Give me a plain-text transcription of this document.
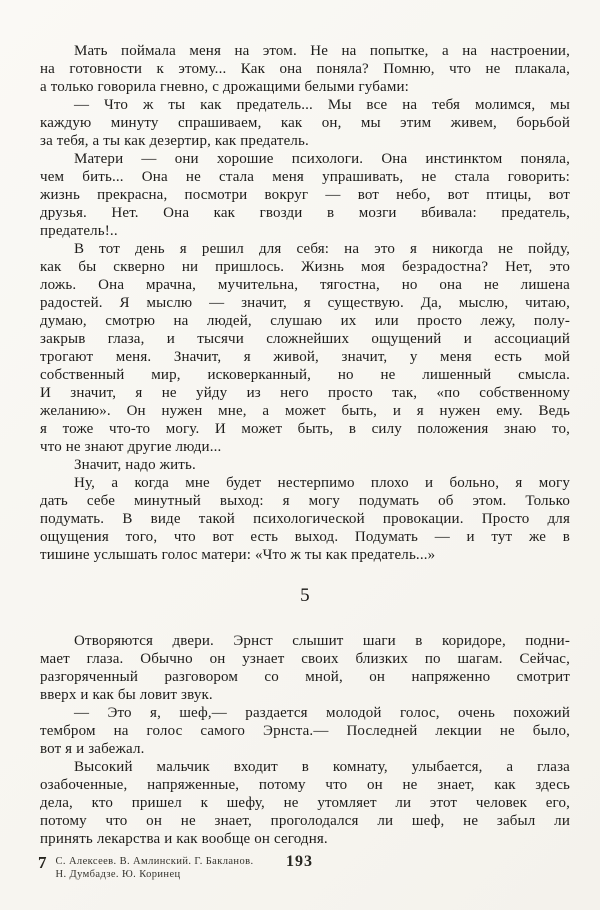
Мать поймала меня на этом. Не на попытке, а на настроении,
на готовности к этому... Как она поняла? Помню, что не плакала,
а только говорила гневно, с дрожащими белыми губами:
— Что ж ты как предатель... Мы все на тебя молимся, мы
каждую минуту спрашиваем, как он, мы этим живем, борьбой
за тебя, а ты как дезертир, как предатель.
Матери — они хорошие психологи. Она инстинктом поняла,
чем бить... Она не стала меня упрашивать, не стала говорить:
жизнь прекрасна, посмотри вокруг — вот небо, вот птицы, вот
друзья. Нет. Она как гвозди в мозги вбивала: предатель,
предатель!..
В тот день я решил для себя: на это я никогда не пойду,
как бы скверно ни пришлось. Жизнь моя безрадостна? Нет, это
ложь. Она мрачна, мучительна, тягостна, но она не лишена
радостей. Я мыслю — значит, я существую. Да, мыслю, читаю,
думаю, смотрю на людей, слушаю их или просто лежу, полу-
закрыв глаза, и тысячи сложнейших ощущений и ассоциаций
трогают меня. Значит, я живой, значит, у меня есть мой
собственный мир, исковерканный, но не лишенный смысла.
И значит, я не уйду из него просто так, «по собственному
желанию». Он нужен мне, а может быть, и я нужен ему. Ведь
я тоже что-то могу. И может быть, в силу положения знаю то,
что не знают другие люди...
Значит, надо жить.
Ну, а когда мне будет нестерпимо плохо и больно, я могу
дать себе минутный выход: я могу подумать об этом. Только
подумать. В виде такой психологической провокации. Просто для
ощущения того, что вот есть выход. Подумать — и тут же в
тишине услышать голос матери: «Что ж ты как предатель...»
5
Отворяются двери. Эрнст слышит шаги в коридоре, подни-
мает глаза. Обычно он узнает своих близких по шагам. Сейчас,
разгоряченный разговором со мной, он напряженно смотрит
вверх и как бы ловит звук.
— Это я, шеф,— раздается молодой голос, очень похожий
тембром на голос самого Эрнста.— Последней лекции не было,
вот я и забежал.
Высокий мальчик входит в комнату, улыбается, а глаза
озабоченные, напряженные, потому что он не знает, как здесь
дела, кто пришел к шефу, не утомляет ли этот человек его,
потому что он не знает, проголодался ли шеф, не забыл ли
принять лекарства и как вообще он сегодня.
7 С. Алексеев. В. Амлинский. Г. Бакланов.
Н. Думбадзе. Ю. Коринец
193
